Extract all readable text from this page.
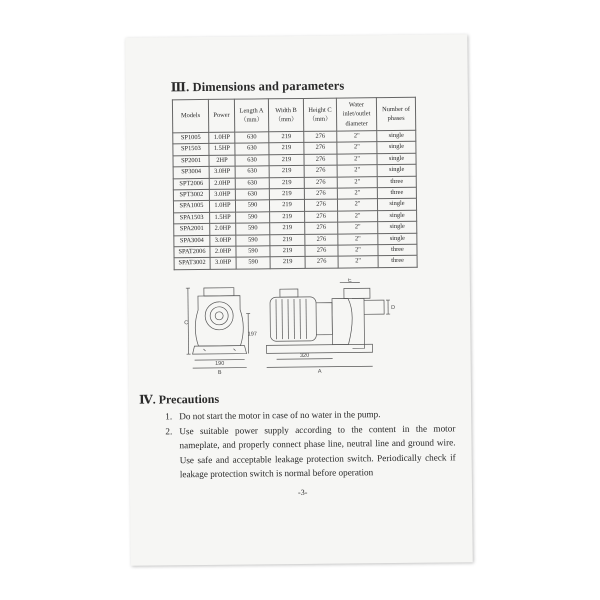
Ⅲ. Dimensions and parameters
Models	Power	Length A（mm）	Width B（mm）	Height C（mm）	Water inlet/outlet diameter	Number of phases
SP1005	1.0HP	630	219	276	2"	single
SP1503	1.5HP	630	219	276	2"	single
SP2001	2HP	630	219	276	2"	single
SP3004	3.0HP	630	219	276	2"	single
SPT2006	2.0HP	630	219	276	2"	three
SPT3002	3.0HP	630	219	276	2"	three
SPA1005	1.0HP	590	219	276	2"	single
SPA1503	1.5HP	590	219	276	2"	single
SPA2001	2.0HP	590	219	276	2"	single
SPA3004	3.0HP	590	219	276	2"	single
SPAT2006	2.0HP	590	219	276	2"	three
SPAT3002	3.0HP	590	219	276	2"	three
C
197
190
B
320
A
E
D
Ⅳ. Precautions
1. Do not start the motor in case of no water in the pump.
2. Use suitable power supply according to the content in the motor nameplate, and properly connect phase line, neutral line and ground wire. Use safe and acceptable leakage protection switch. Periodically check if leakage protection switch is normal before operation
-3-
